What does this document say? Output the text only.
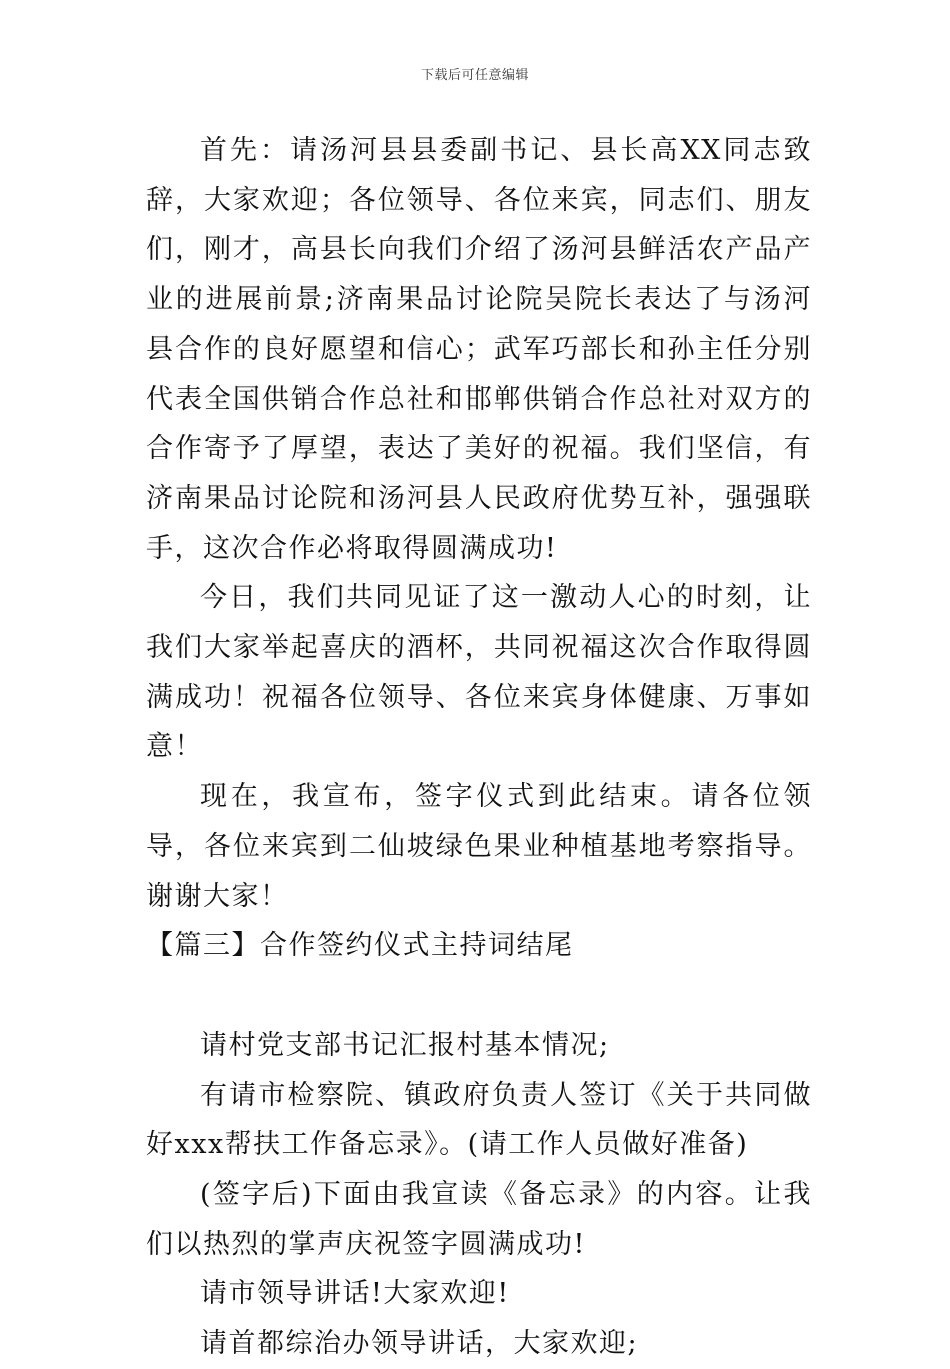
下载后可任意编辑

首先：请汤河县县委副书记、县长高XX同志致辞，大家欢迎；各位领导、各位来宾，同志们、朋友们，刚才，高县长向我们介绍了汤河县鲜活农产品产业的进展前景;济南果品讨论院吴院长表达了与汤河县合作的良好愿望和信心；武军巧部长和孙主任分别代表全国供销合作总社和邯郸供销合作总社对双方的合作寄予了厚望，表达了美好的祝福。我们坚信，有济南果品讨论院和汤河县人民政府优势互补，强强联手，这次合作必将取得圆满成功!

今日，我们共同见证了这一激动人心的时刻，让我们大家举起喜庆的酒杯，共同祝福这次合作取得圆满成功！祝福各位领导、各位来宾身体健康、万事如意！

现在，我宣布，签字仪式到此结束。请各位领导，各位来宾到二仙坡绿色果业种植基地考察指导。谢谢大家！

【篇三】合作签约仪式主持词结尾

请村党支部书记汇报村基本情况;

有请市检察院、镇政府负责人签订《关于共同做好xxx帮扶工作备忘录》。(请工作人员做好准备)

(签字后)下面由我宣读《备忘录》的内容。让我们以热烈的掌声庆祝签字圆满成功!

请市领导讲话!大家欢迎!

请首都综治办领导讲话，大家欢迎;
